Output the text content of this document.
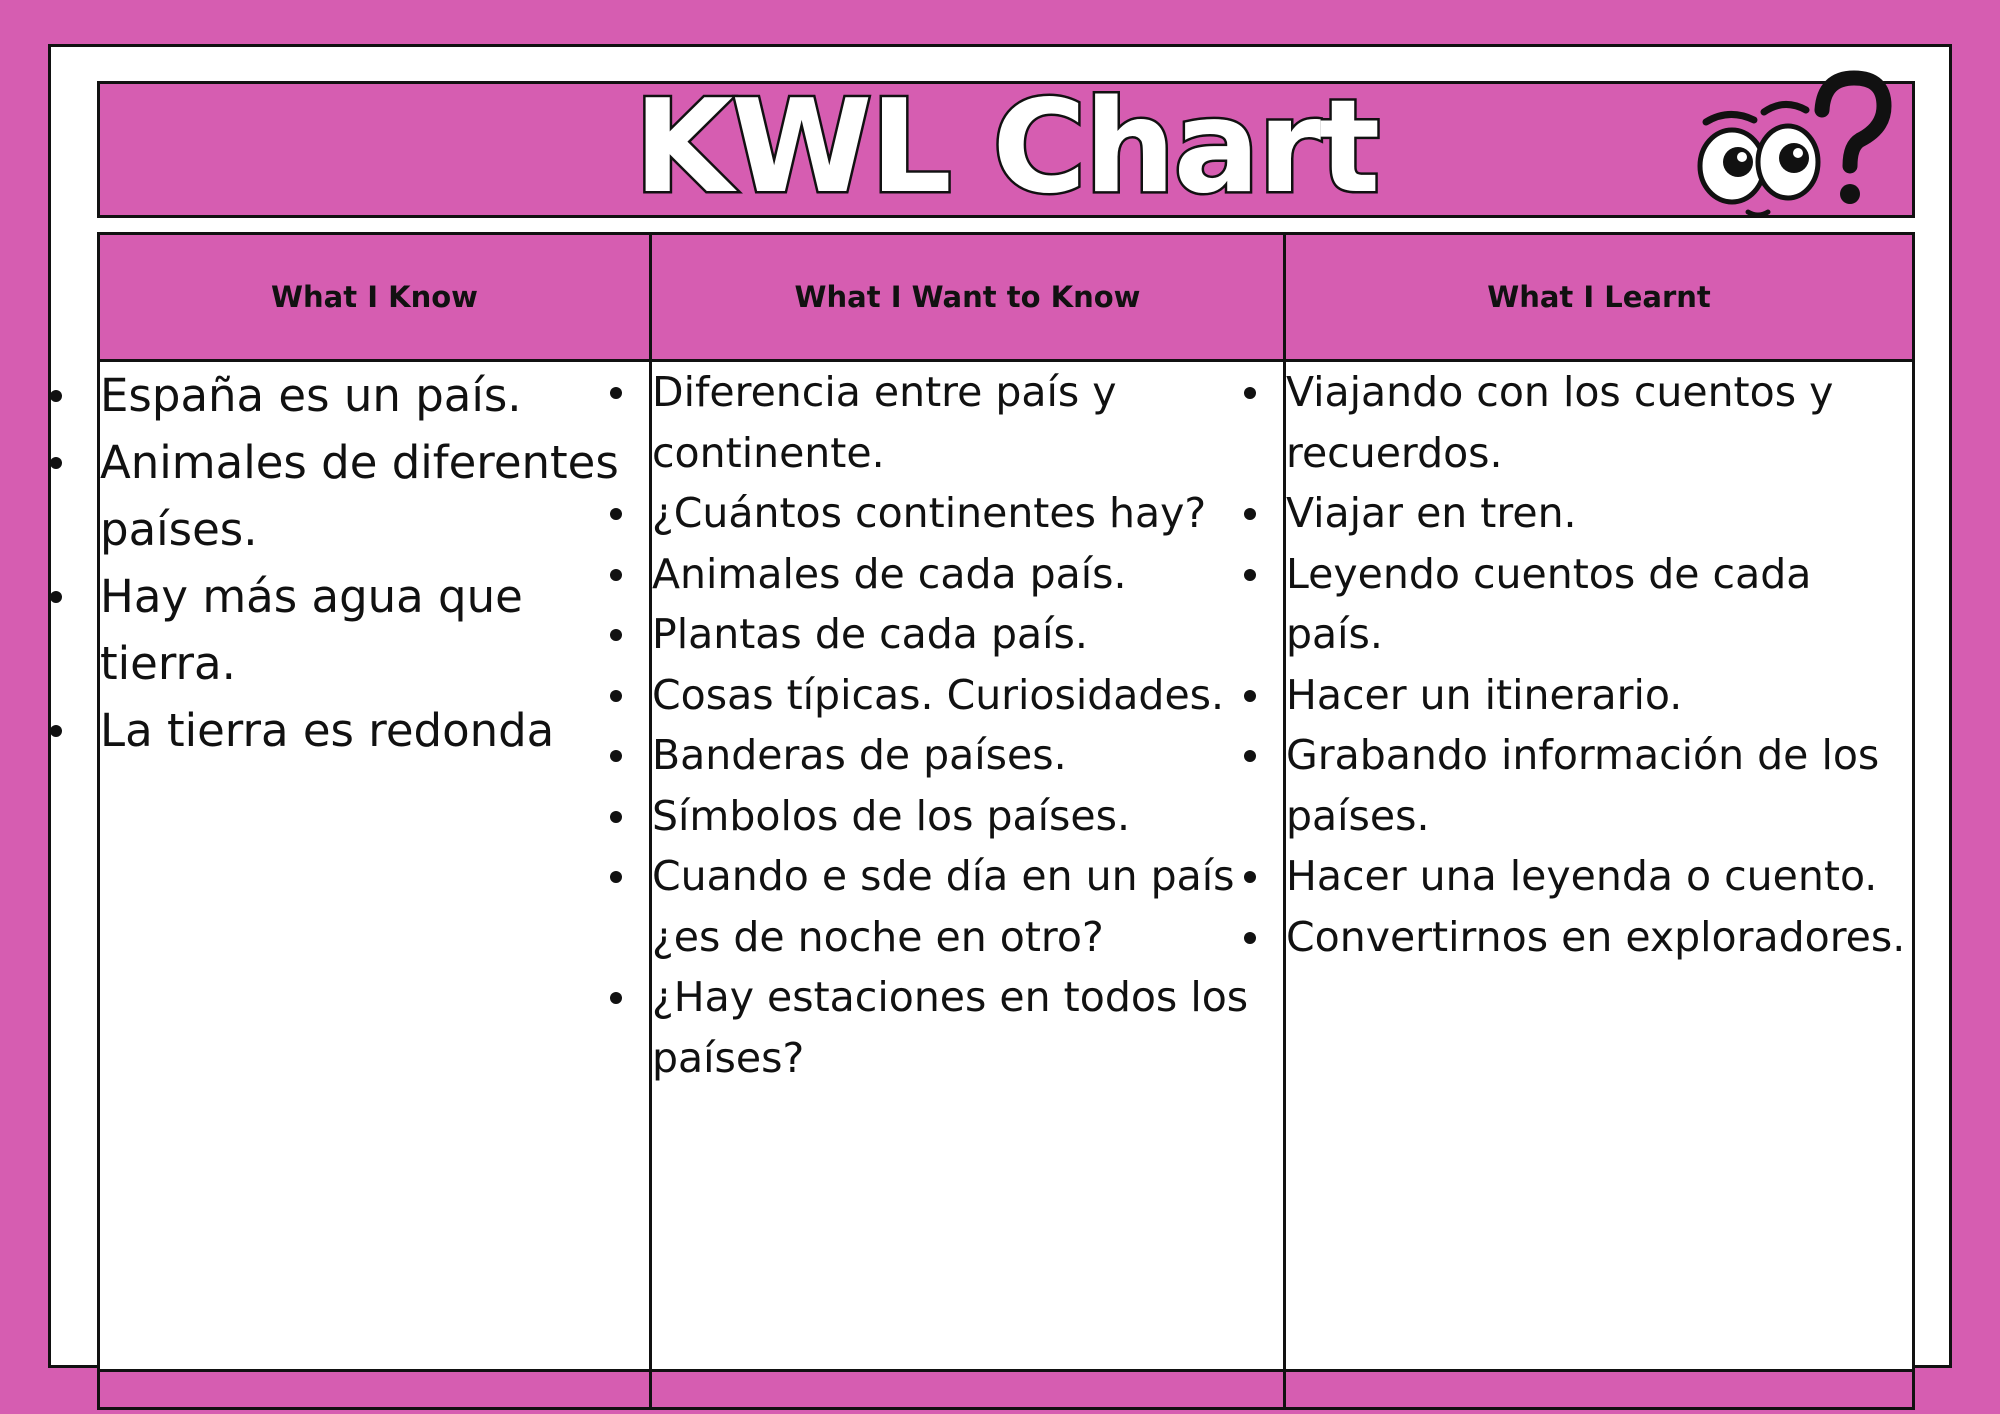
KWL Chart
What I Know	What I Want to Know	What I Learnt
España es un país.
Animales de diferentes países.
Hay más agua que tierra.
La tierra es redonda
Diferencia entre país y continente.
¿Cuántos continentes hay?
Animales de cada país.
Plantas de cada país.
Cosas típicas. Curiosidades.
Banderas de países.
Símbolos de los países.
Cuando e sde día en un país ¿es de noche en otro?
¿Hay estaciones en todos los países?
Viajando con los cuentos y recuerdos.
Viajar en tren.
Leyendo cuentos de cada país.
Hacer un itinerario.
Grabando información de los países.
Hacer una leyenda o cuento.
Convertirnos en exploradores.
